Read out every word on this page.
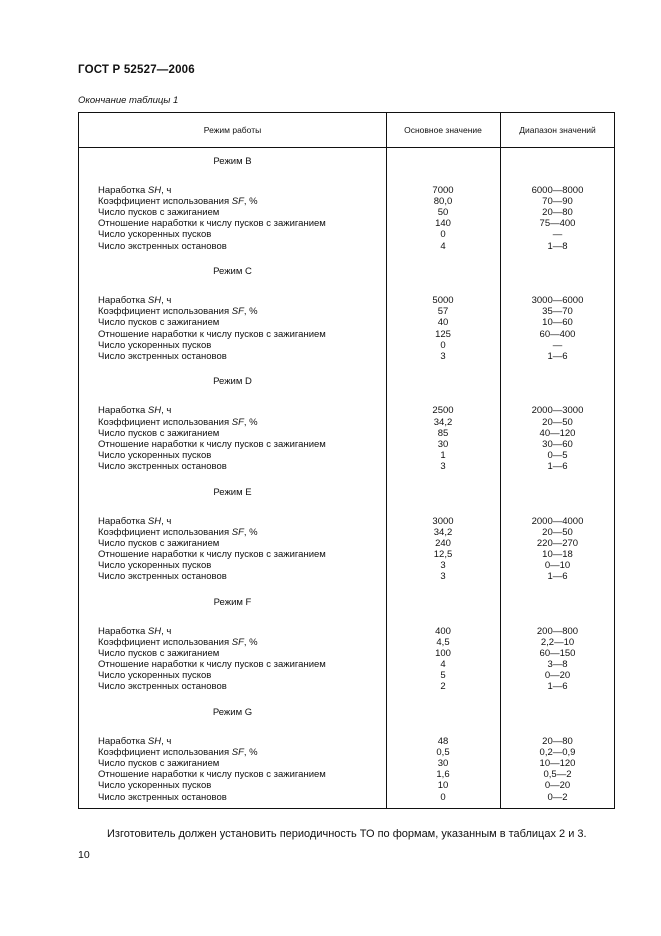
ГОСТ Р 52527—2006
Окончание таблицы 1
Режим работы	Основное значение	Диапазон значений
Режим В
Наработка SH, ч	7000	6000—8000
Коэффициент использования SF, %	80,0	70—90
Число пусков с зажиганием	50	20—80
Отношение наработки к числу пусков с зажиганием	140	75—400
Число ускоренных пусков	0	—
Число экстренных остановов	4	1—8
Режим С
Наработка SH, ч	5000	3000—6000
Коэффициент использования SF, %	57	35—70
Число пусков с зажиганием	40	10—60
Отношение наработки к числу пусков с зажиганием	125	60—400
Число ускоренных пусков	0	—
Число экстренных остановов	3	1—6
Режим D
Наработка SH, ч	2500	2000—3000
Коэффициент использования SF, %	34,2	20—50
Число пусков с зажиганием	85	40—120
Отношение наработки к числу пусков с зажиганием	30	30—60
Число ускоренных пусков	1	0—5
Число экстренных остановов	3	1—6
Режим Е
Наработка SH, ч	3000	2000—4000
Коэффициент использования SF, %	34,2	20—50
Число пусков с зажиганием	240	220—270
Отношение наработки к числу пусков с зажиганием	12,5	10—18
Число ускоренных пусков	3	0—10
Число экстренных остановов	3	1—6
Режим F
Наработка SH, ч	400	200—800
Коэффициент использования SF, %	4,5	2,2—10
Число пусков с зажиганием	100	60—150
Отношение наработки к числу пусков с зажиганием	4	3—8
Число ускоренных пусков	5	0—20
Число экстренных остановов	2	1—6
Режим G
Наработка SH, ч	48	20—80
Коэффициент использования SF, %	0,5	0,2—0,9
Число пусков с зажиганием	30	10—120
Отношение наработки к числу пусков с зажиганием	1,6	0,5—2
Число ускоренных пусков	10	0—20
Число экстренных остановов	0	0—2
Изготовитель должен установить периодичность ТО по формам, указанным в таблицах 2 и 3.
10
